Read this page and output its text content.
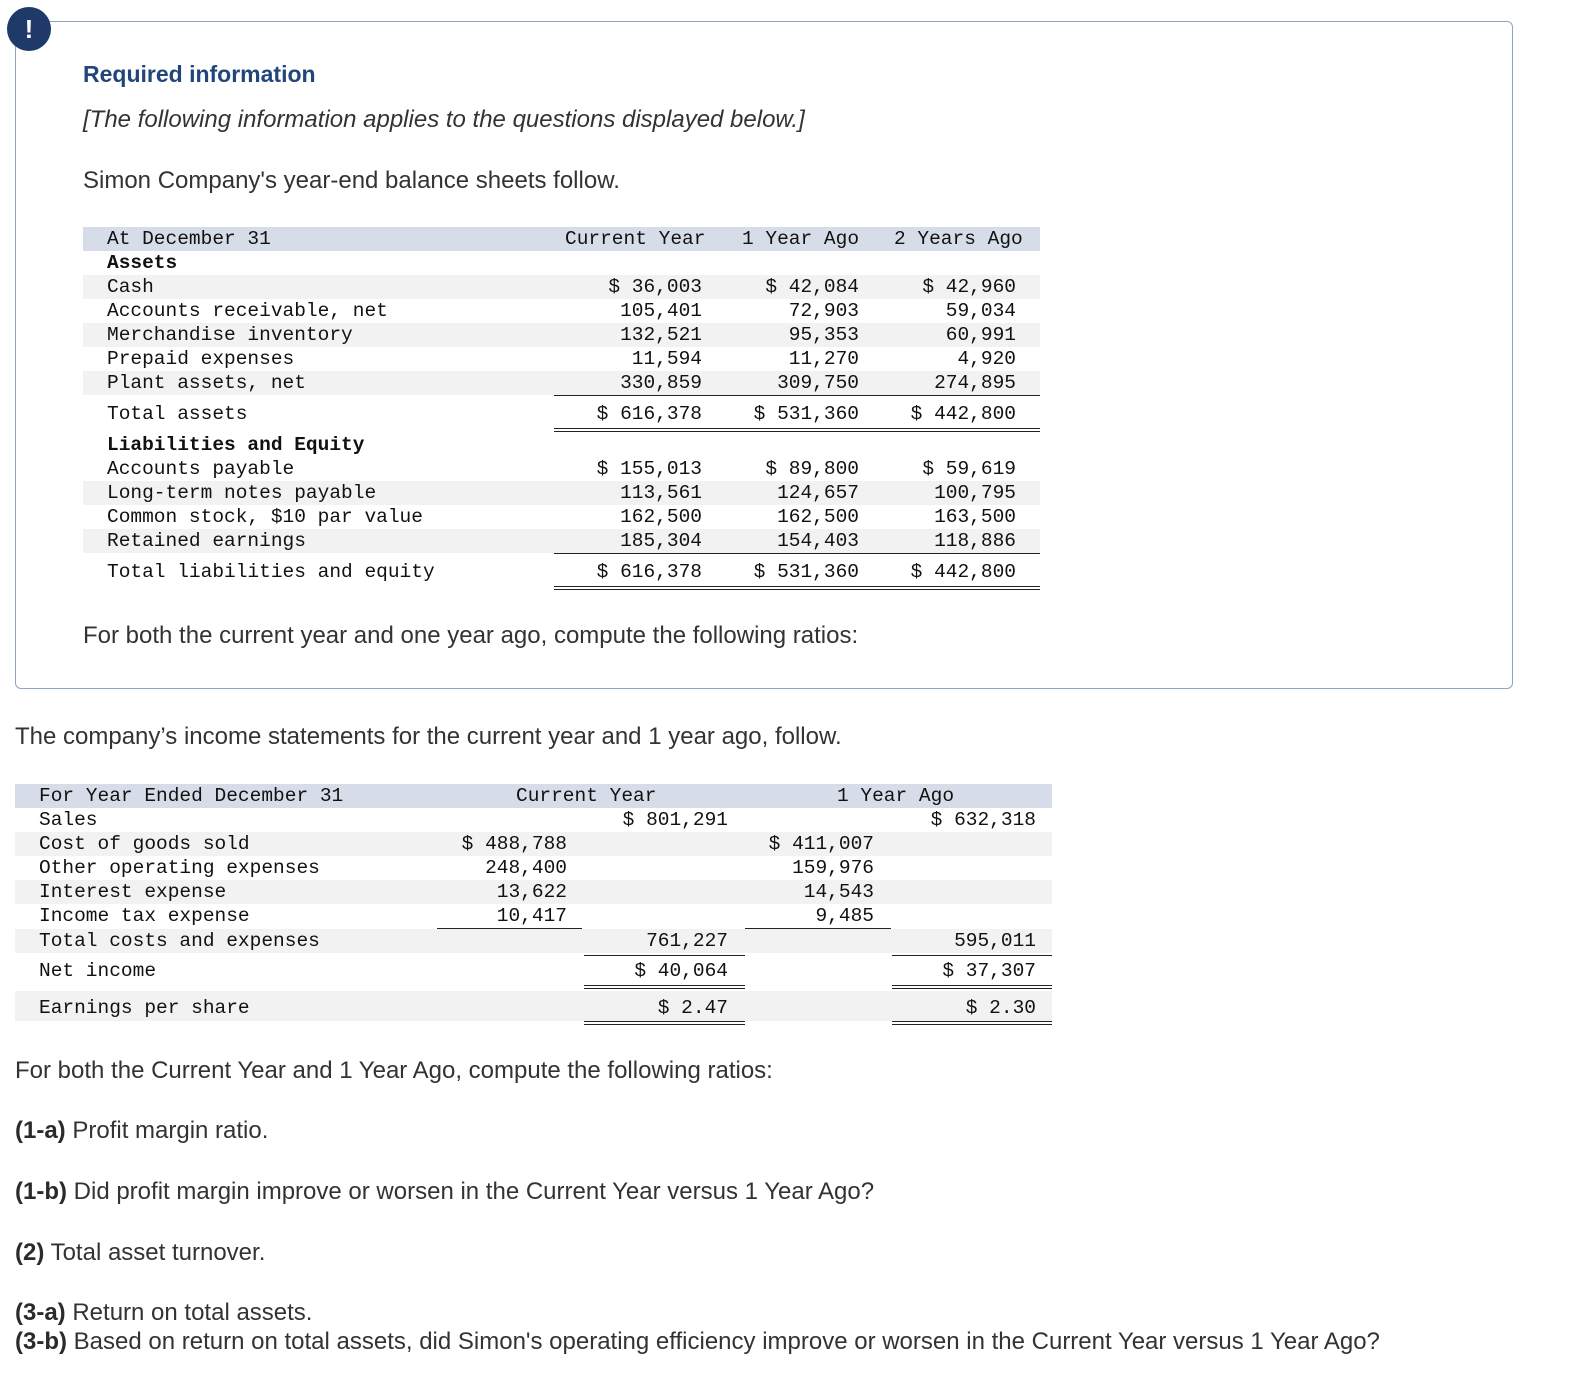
!
Required information
[The following information applies to the questions displayed below.]
Simon Company's year-end balance sheets follow.
At December 31	Current Year 1 Year Ago 2 Years Ago
Assets
Cash	$ 36,003	$ 42,084	$ 42,960
Accounts receivable, net	105,401	72,903	59,034
Merchandise inventory	132,521	95,353	60,991
Prepaid expenses	11,594	11,270	4,920
Plant assets, net	330,859	309,750	274,895
Total assets	$ 616,378	$ 531,360	$ 442,800
Liabilities and Equity
Accounts payable	$ 155,013	$ 89,800	$ 59,619
Long-term notes payable	113,561	124,657	100,795
Common stock, $10 par value	162,500	162,500	163,500
Retained earnings	185,304	154,403	118,886
Total liabilities and equity	$ 616,378	$ 531,360	$ 442,800
For both the current year and one year ago, compute the following ratios:
The company’s income statements for the current year and 1 year ago, follow.
For Year Ended December 31	Current Year	1 Year Ago
Sales	$ 801,291	$ 632,318
Cost of goods sold	$ 488,788	$ 411,007
Other operating expenses	248,400	159,976
Interest expense	13,622	14,543
Income tax expense	10,417	9,485
Total costs and expenses	761,227	595,011
Net income	$ 40,064	$ 37,307
Earnings per share	$ 2.47	$ 2.30
For both the Current Year and 1 Year Ago, compute the following ratios:
(1-a) Profit margin ratio.
(1-b) Did profit margin improve or worsen in the Current Year versus 1 Year Ago?
(2) Total asset turnover.
(3-a) Return on total assets.
(3-b) Based on return on total assets, did Simon's operating efficiency improve or worsen in the Current Year versus 1 Year Ago?
